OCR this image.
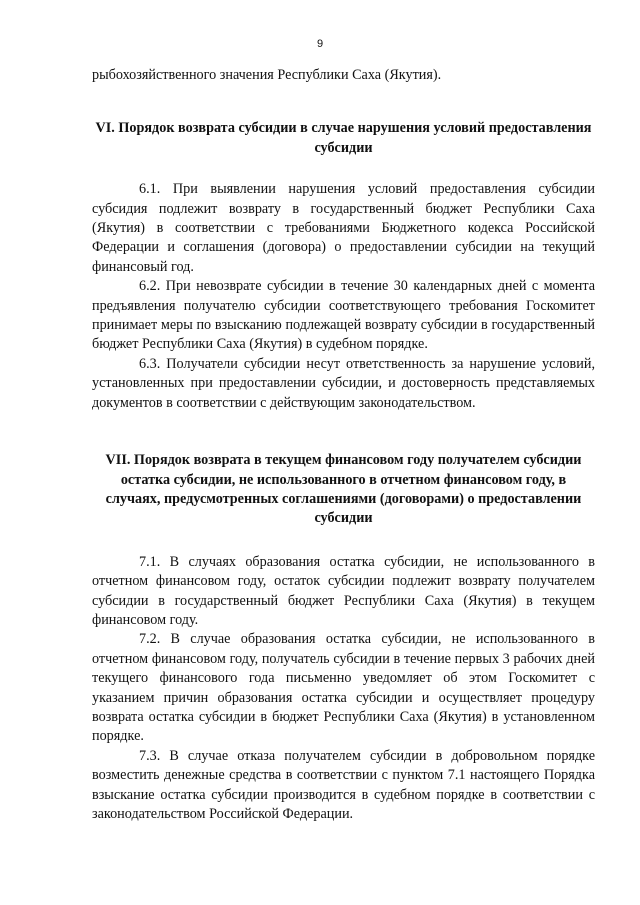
9

рыбохозяйственного значения Республики Саха (Якутия).

VI. Порядок возврата субсидии в случае нарушения условий предоставления субсидии

6.1. При выявлении нарушения условий предоставления субсидии субсидия подлежит возврату в государственный бюджет Республики Саха (Якутия) в соответствии с требованиями Бюджетного кодекса Российской Федерации и соглашения (договора) о предоставлении субсидии на текущий финансовый год.

6.2. При невозврате субсидии в течение 30 календарных дней с момента предъявления получателю субсидии соответствующего требования Госкомитет принимает меры по взысканию подлежащей возврату субсидии в государственный бюджет Республики Саха (Якутия) в судебном порядке.

6.3. Получатели субсидии несут ответственность за нарушение условий, установленных при предоставлении субсидии, и достоверность представляемых документов в соответствии с действующим законодательством.

VII. Порядок возврата в текущем финансовом году получателем субсидии остатка субсидии, не использованного в отчетном финансовом году, в случаях, предусмотренных соглашениями (договорами) о предоставлении субсидии

7.1. В случаях образования остатка субсидии, не использованного в отчетном финансовом году, остаток субсидии подлежит возврату получателем субсидии в государственный бюджет Республики Саха (Якутия) в текущем финансовом году.

7.2. В случае образования остатка субсидии, не использованного в отчетном финансовом году, получатель субсидии в течение первых 3 рабочих дней текущего финансового года письменно уведомляет об этом Госкомитет с указанием причин образования остатка субсидии и осуществляет процедуру возврата остатка субсидии в бюджет Республики Саха (Якутия) в установленном порядке.

7.3. В случае отказа получателем субсидии в добровольном порядке возместить денежные средства в соответствии с пунктом 7.1 настоящего Порядка взыскание остатка субсидии производится в судебном порядке в соответствии с законодательством Российской Федерации.
